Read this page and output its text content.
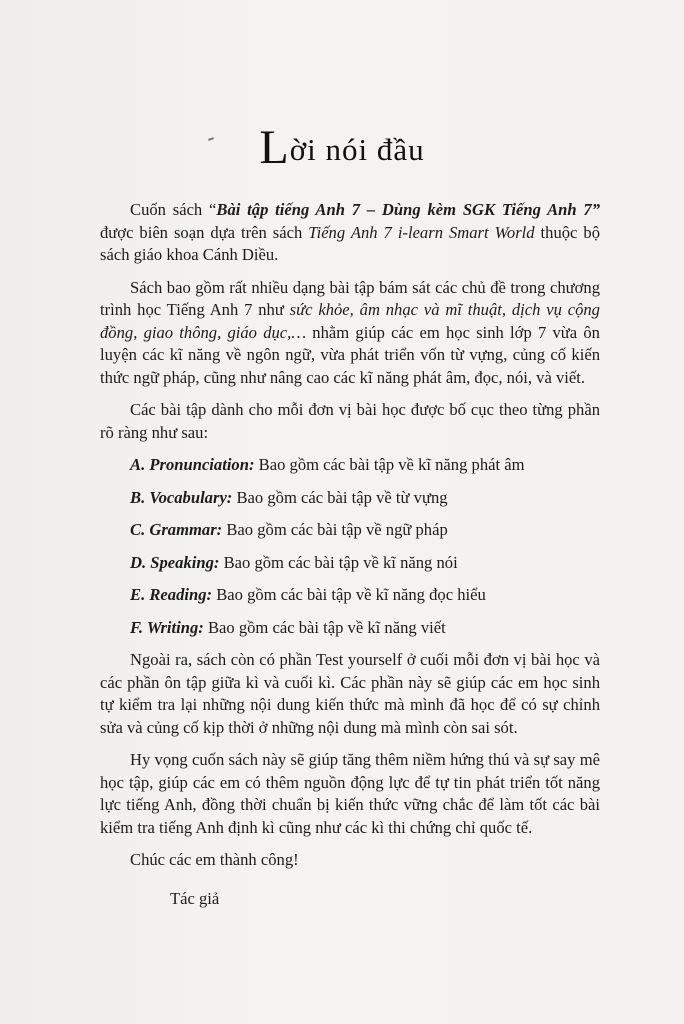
Lời nói đầu

Cuốn sách “Bài tập tiếng Anh 7 – Dùng kèm SGK Tiếng Anh 7” được biên soạn dựa trên sách Tiếng Anh 7 i-learn Smart World thuộc bộ sách giáo khoa Cánh Diều.

Sách bao gồm rất nhiều dạng bài tập bám sát các chủ đề trong chương trình học Tiếng Anh 7 như sức khỏe, âm nhạc và mĩ thuật, dịch vụ cộng đồng, giao thông, giáo dục,… nhằm giúp các em học sinh lớp 7 vừa ôn luyện các kĩ năng về ngôn ngữ, vừa phát triển vốn từ vựng, củng cố kiến thức ngữ pháp, cũng như nâng cao các kĩ năng phát âm, đọc, nói, và viết.

Các bài tập dành cho mỗi đơn vị bài học được bố cục theo từng phần rõ ràng như sau:

A. Pronunciation: Bao gồm các bài tập về kĩ năng phát âm

B. Vocabulary: Bao gồm các bài tập về từ vựng

C. Grammar: Bao gồm các bài tập về ngữ pháp

D. Speaking: Bao gồm các bài tập về kĩ năng nói

E. Reading: Bao gồm các bài tập về kĩ năng đọc hiểu

F. Writing: Bao gồm các bài tập về kĩ năng viết

Ngoài ra, sách còn có phần Test yourself ở cuối mỗi đơn vị bài học và các phần ôn tập giữa kì và cuối kì. Các phần này sẽ giúp các em học sinh tự kiểm tra lại những nội dung kiến thức mà mình đã học để có sự chỉnh sửa và củng cố kịp thời ở những nội dung mà mình còn sai sót.

Hy vọng cuốn sách này sẽ giúp tăng thêm niềm hứng thú và sự say mê học tập, giúp các em có thêm nguồn động lực để tự tin phát triển tốt năng lực tiếng Anh, đồng thời chuẩn bị kiến thức vững chắc để làm tốt các bài kiểm tra tiếng Anh định kì cũng như các kì thi chứng chỉ quốc tế.

Chúc các em thành công!

Tác giả
